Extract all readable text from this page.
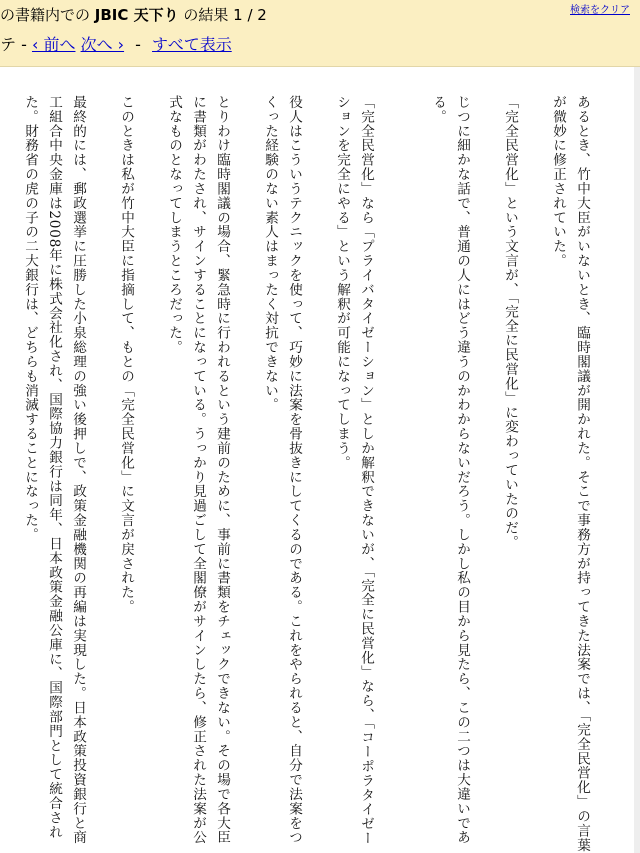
の書籍内での JBIC 天下り の結果 1 / 2	検索をクリア
テ - ‹ 前へ 次へ › - すべて表示

あるとき、竹中大臣がいないとき、臨時閣議が開かれた。そこで事務方が持ってきた法案では、「完全民営化」の言葉が微妙に修正されていた。

「完全民営化」という文言が、「完全に民営化」に変わっていたのだ。

じつに細かな話で、普通の人にはどう違うのかわからないだろう。しかし私の目から見たら、この二つは大違いである。

「完全民営化」なら「プライバタイゼーション」としか解釈できないが、「完全に民営化」なら、「コーポラタイゼーションを完全にやる」という解釈が可能になってしまう。

役人はこういうテクニックを使って、巧妙に法案を骨抜きにしてくるのである。これをやられると、自分で法案をつくった経験のない素人はまったく対抗できない。

とりわけ臨時閣議の場合、緊急時に行われるという建前のために、事前に書類をチェックできない。その場で各大臣に書類がわたされ、サインすることになっている。うっかり見過ごして全閣僚がサインしたら、修正された法案が公式なものとなってしまうところだった。

このときは私が竹中大臣に指摘して、もとの「完全民営化」に文言が戻された。

最終的には、郵政選挙に圧勝した小泉総理の強い後押しで、政策金融機関の再編は実現した。日本政策投資銀行と商工組合中央金庫は2008年に株式会社化され、国際協力銀行は同年、日本政策金融公庫に、国際部門として統合された。財務省の虎の子の二大銀行は、どちらも消滅することになった。
